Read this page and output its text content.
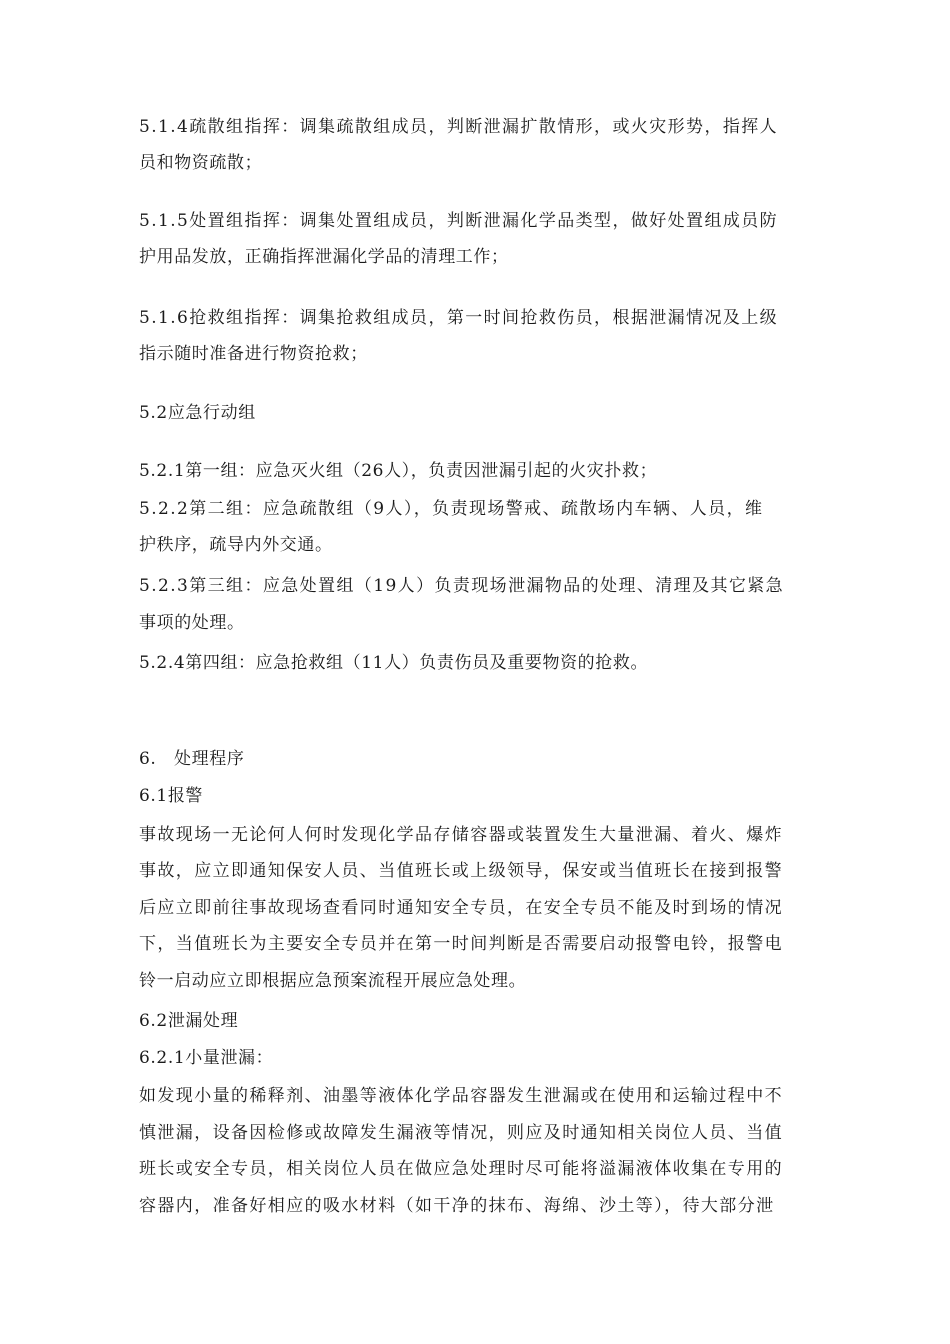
5.1.4疏散组指挥：调集疏散组成员，判断泄漏扩散情形，或火灾形势，指挥人
员和物资疏散；
5.1.5处置组指挥：调集处置组成员，判断泄漏化学品类型，做好处置组成员防
护用品发放，正确指挥泄漏化学品的清理工作；
5.1.6抢救组指挥：调集抢救组成员，第一时间抢救伤员，根据泄漏情况及上级
指示随时准备进行物资抢救；
5.2应急行动组
5.2.1第一组：应急灭火组（26人），负责因泄漏引起的火灾扑救；
5.2.2第二组：应急疏散组（9人），负责现场警戒、疏散场内车辆、人员，维
护秩序，疏导内外交通。
5.2.3第三组：应急处置组（19人）负责现场泄漏物品的处理、清理及其它紧急
事项的处理。
5.2.4第四组：应急抢救组（11人）负责伤员及重要物资的抢救。
6.　处理程序
6.1报警
事故现场一无论何人何时发现化学品存储容器或装置发生大量泄漏、着火、爆炸
事故，应立即通知保安人员、当值班长或上级领导，保安或当值班长在接到报警
后应立即前往事故现场查看同时通知安全专员，在安全专员不能及时到场的情况
下，当值班长为主要安全专员并在第一时间判断是否需要启动报警电铃，报警电
铃一启动应立即根据应急预案流程开展应急处理。
6.2泄漏处理
6.2.1小量泄漏：
如发现小量的稀释剂、油墨等液体化学品容器发生泄漏或在使用和运输过程中不
慎泄漏，设备因检修或故障发生漏液等情况，则应及时通知相关岗位人员、当值
班长或安全专员，相关岗位人员在做应急处理时尽可能将溢漏液体收集在专用的
容器内，准备好相应的吸水材料（如干净的抹布、海绵、沙土等），待大部分泄
